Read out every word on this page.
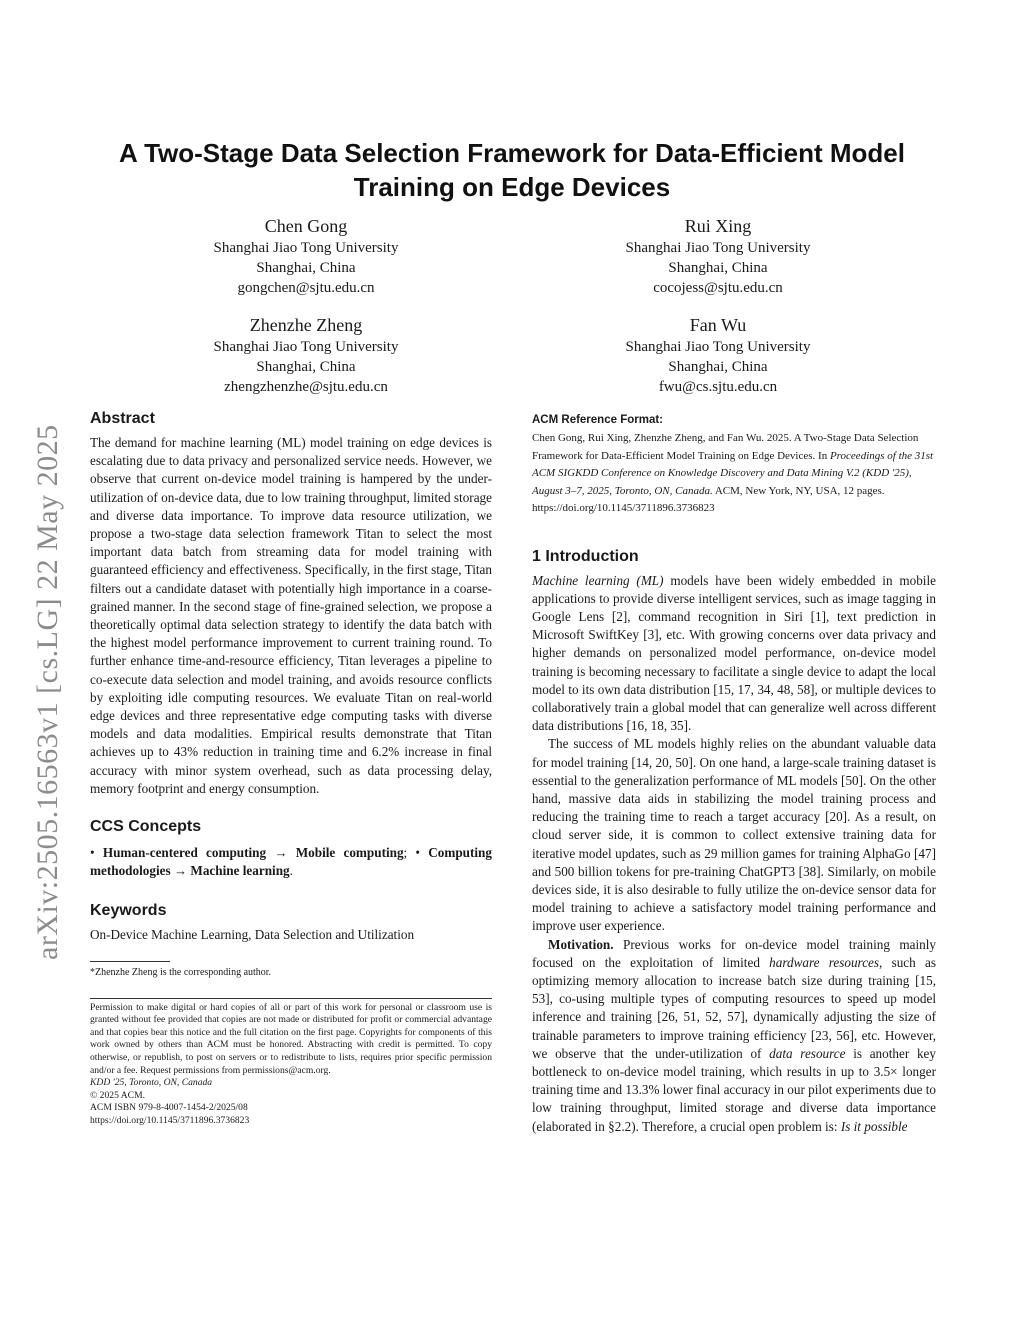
arXiv:2505.16563v1 [cs.LG] 22 May 2025
A Two-Stage Data Selection Framework for Data-Efficient Model
Training on Edge Devices
Chen Gong
Shanghai Jiao Tong University
Shanghai, China
gongchen@sjtu.edu.cn
Rui Xing
Shanghai Jiao Tong University
Shanghai, China
cocojess@sjtu.edu.cn
Zhenzhe Zheng
Shanghai Jiao Tong University
Shanghai, China
zhengzhenzhe@sjtu.edu.cn
Fan Wu
Shanghai Jiao Tong University
Shanghai, China
fwu@cs.sjtu.edu.cn
Abstract

The demand for machine learning (ML) model training on edge devices is escalating due to data privacy and personalized service needs. However, we observe that current on-device model training is hampered by the under-utilization of on-device data, due to low training throughput, limited storage and diverse data importance. To improve data resource utilization, we propose a two-stage data selection framework Titan to select the most important data batch from streaming data for model training with guaranteed efficiency and effectiveness. Specifically, in the first stage, Titan filters out a candidate dataset with potentially high importance in a coarse-grained manner. In the second stage of fine-grained selection, we propose a theoretically optimal data selection strategy to identify the data batch with the highest model performance improvement to current training round. To further enhance time-and-resource efficiency, Titan leverages a pipeline to co-execute data selection and model training, and avoids resource conflicts by exploiting idle computing resources. We evaluate Titan on real-world edge devices and three representative edge computing tasks with diverse models and data modalities. Empirical results demonstrate that Titan achieves up to 43% reduction in training time and 6.2% increase in final accuracy with minor system overhead, such as data processing delay, memory footprint and energy consumption.

CCS Concepts

• Human-centered computing → Mobile computing; • Computing methodologies → Machine learning.

Keywords

On-Device Machine Learning, Data Selection and Utilization

*Zhenzhe Zheng is the corresponding author.

Permission to make digital or hard copies of all or part of this work for personal or classroom use is granted without fee provided that copies are not made or distributed for profit or commercial advantage and that copies bear this notice and the full citation on the first page. Copyrights for components of this work owned by others than ACM must be honored. Abstracting with credit is permitted. To copy otherwise, or republish, to post on servers or to redistribute to lists, requires prior specific permission and/or a fee. Request permissions from permissions@acm.org.

KDD '25, Toronto, ON, Canada

© 2025 ACM.

ACM ISBN 979-8-4007-1454-2/2025/08

https://doi.org/10.1145/3711896.3736823

ACM Reference Format:

Chen Gong, Rui Xing, Zhenzhe Zheng, and Fan Wu. 2025. A Two-Stage Data Selection Framework for Data-Efficient Model Training on Edge Devices. In Proceedings of the 31st ACM SIGKDD Conference on Knowledge Discovery and Data Mining V.2 (KDD '25), August 3–7, 2025, Toronto, ON, Canada. ACM, New York, NY, USA, 12 pages. https://doi.org/10.1145/3711896.3736823

1 Introduction

Machine learning (ML) models have been widely embedded in mobile applications to provide diverse intelligent services, such as image tagging in Google Lens [2], command recognition in Siri [1], text prediction in Microsoft SwiftKey [3], etc. With growing concerns over data privacy and higher demands on personalized model performance, on-device model training is becoming necessary to facilitate a single device to adapt the local model to its own data distribution [15, 17, 34, 48, 58], or multiple devices to collaboratively train a global model that can generalize well across different data distributions [16, 18, 35].

The success of ML models highly relies on the abundant valuable data for model training [14, 20, 50]. On one hand, a large-scale training dataset is essential to the generalization performance of ML models [50]. On the other hand, massive data aids in stabilizing the model training process and reducing the training time to reach a target accuracy [20]. As a result, on cloud server side, it is common to collect extensive training data for iterative model updates, such as 29 million games for training AlphaGo [47] and 500 billion tokens for pre-training ChatGPT3 [38]. Similarly, on mobile devices side, it is also desirable to fully utilize the on-device sensor data for model training to achieve a satisfactory model training performance and improve user experience.

Motivation. Previous works for on-device model training mainly focused on the exploitation of limited hardware resources, such as optimizing memory allocation to increase batch size during training [15, 53], co-using multiple types of computing resources to speed up model inference and training [26, 51, 52, 57], dynamically adjusting the size of trainable parameters to improve training efficiency [23, 56], etc. However, we observe that the under-utilization of data resource is another key bottleneck to on-device model training, which results in up to 3.5× longer training time and 13.3% lower final accuracy in our pilot experiments due to low training throughput, limited storage and diverse data importance (elaborated in §2.2). Therefore, a crucial open problem is: Is it possible
